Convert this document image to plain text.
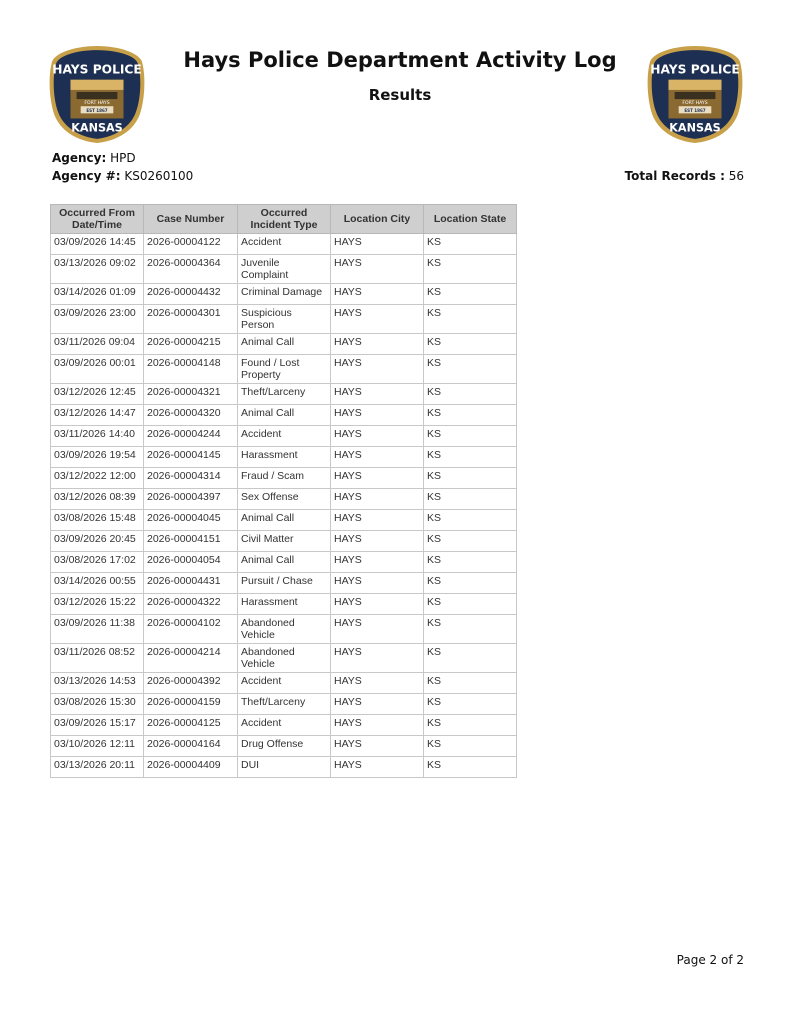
HAYS POLICE
FORT HAYS
EST 1867
KANSAS
HAYS POLICE
FORT HAYS
EST 1867
KANSAS
Hays Police Department Activity Log
Results
Agency: HPD
Agency #: KS0260100	Total Records : 56
Occurred From Date/Time	Case Number	Occurred Incident Type	Location City	Location State
03/09/2026 14:45	2026-00004122	Accident	HAYS	KS
03/13/2026 09:02	2026-00004364	Juvenile Complaint	HAYS	KS
03/14/2026 01:09	2026-00004432	Criminal Damage	HAYS	KS
03/09/2026 23:00	2026-00004301	Suspicious Person	HAYS	KS
03/11/2026 09:04	2026-00004215	Animal Call	HAYS	KS
03/09/2026 00:01	2026-00004148	Found / Lost Property	HAYS	KS
03/12/2026 12:45	2026-00004321	Theft/Larceny	HAYS	KS
03/12/2026 14:47	2026-00004320	Animal Call	HAYS	KS
03/11/2026 14:40	2026-00004244	Accident	HAYS	KS
03/09/2026 19:54	2026-00004145	Harassment	HAYS	KS
03/12/2022 12:00	2026-00004314	Fraud / Scam	HAYS	KS
03/12/2026 08:39	2026-00004397	Sex Offense	HAYS	KS
03/08/2026 15:48	2026-00004045	Animal Call	HAYS	KS
03/09/2026 20:45	2026-00004151	Civil Matter	HAYS	KS
03/08/2026 17:02	2026-00004054	Animal Call	HAYS	KS
03/14/2026 00:55	2026-00004431	Pursuit / Chase	HAYS	KS
03/12/2026 15:22	2026-00004322	Harassment	HAYS	KS
03/09/2026 11:38	2026-00004102	Abandoned Vehicle	HAYS	KS
03/11/2026 08:52	2026-00004214	Abandoned Vehicle	HAYS	KS
03/13/2026 14:53	2026-00004392	Accident	HAYS	KS
03/08/2026 15:30	2026-00004159	Theft/Larceny	HAYS	KS
03/09/2026 15:17	2026-00004125	Accident	HAYS	KS
03/10/2026 12:11	2026-00004164	Drug Offense	HAYS	KS
03/13/2026 20:11	2026-00004409	DUI	HAYS	KS
Page 2 of 2
